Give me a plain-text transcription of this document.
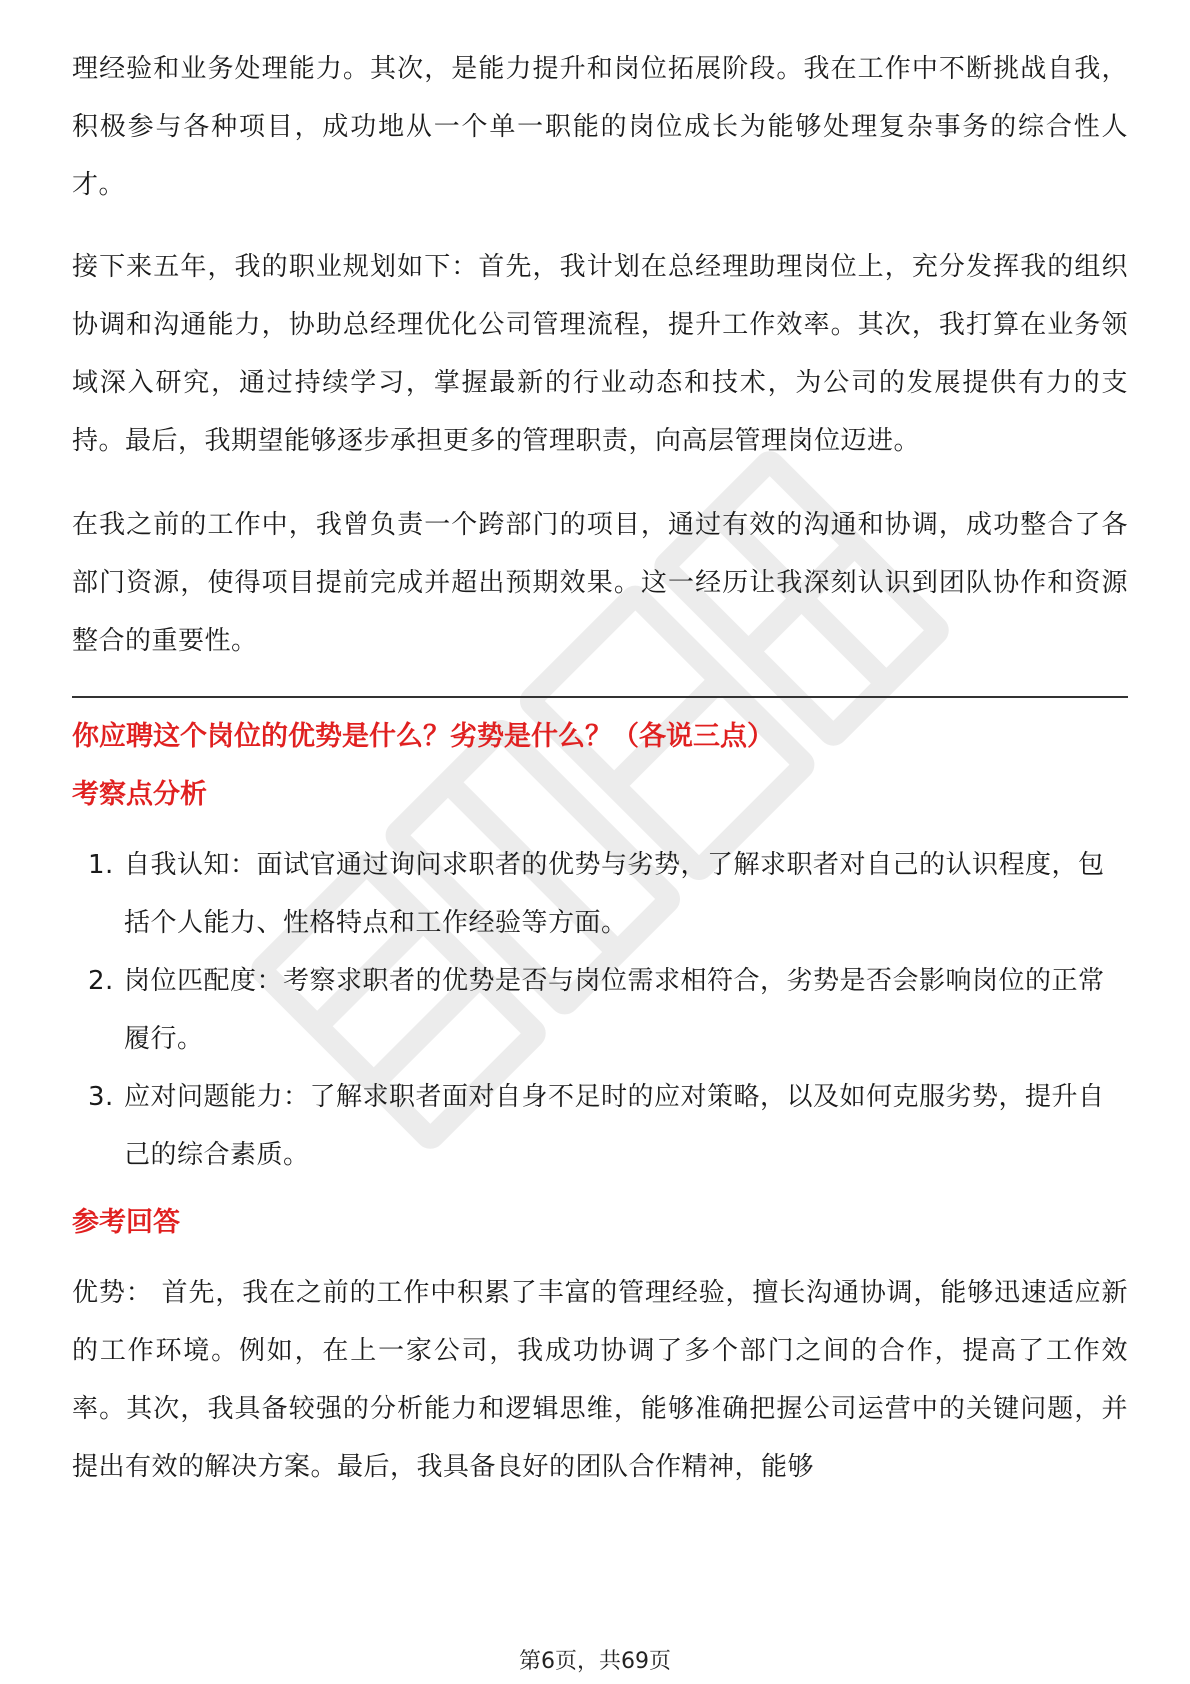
理经验和业务处理能力。其次，是能力提升和岗位拓展阶段。我在工作中不断挑战自我，积极参与各种项目，成功地从一个单一职能的岗位成长为能够处理复杂事务的综合性人才。

接下来五年，我的职业规划如下：首先，我计划在总经理助理岗位上，充分发挥我的组织协调和沟通能力，协助总经理优化公司管理流程，提升工作效率。其次，我打算在业务领域深入研究，通过持续学习，掌握最新的行业动态和技术，为公司的发展提供有力的支持。最后，我期望能够逐步承担更多的管理职责，向高层管理岗位迈进。

在我之前的工作中，我曾负责一个跨部门的项目，通过有效的沟通和协调，成功整合了各部门资源，使得项目提前完成并超出预期效果。这一经历让我深刻认识到团队协作和资源整合的重要性。

你应聘这个岗位的优势是什么？劣势是什么？（各说三点）
考察点分析
1. 自我认知：面试官通过询问求职者的优势与劣势，了解求职者对自己的认识程度，包括个人能力、性格特点和工作经验等方面。
2. 岗位匹配度：考察求职者的优势是否与岗位需求相符合，劣势是否会影响岗位的正常履行。
3. 应对问题能力：了解求职者面对自身不足时的应对策略，以及如何克服劣势，提升自己的综合素质。
参考回答

优势： 首先，我在之前的工作中积累了丰富的管理经验，擅长沟通协调，能够迅速适应新的工作环境。例如，在上一家公司，我成功协调了多个部门之间的合作，提高了工作效率。其次，我具备较强的分析能力和逻辑思维，能够准确把握公司运营中的关键问题，并提出有效的解决方案。最后，我具备良好的团队合作精神，能够

第6页，共69页
